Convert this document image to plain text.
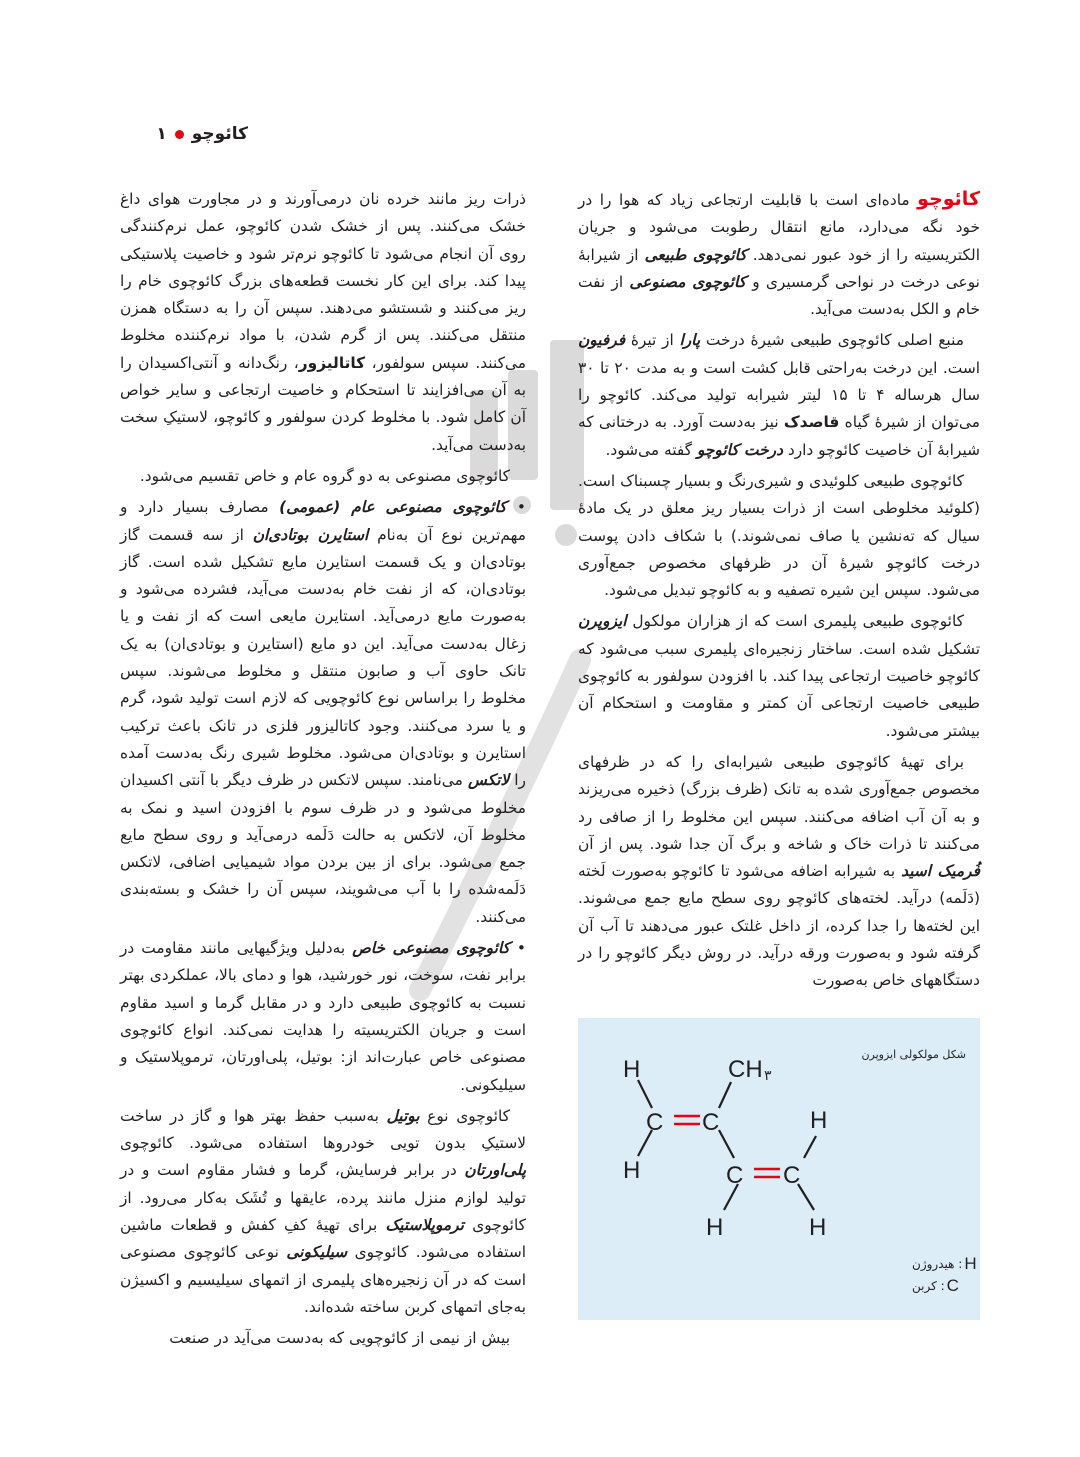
کائوچو
۱

کائوچو ماده‌ای است با قابلیت ارتجاعی زیاد که هوا را در خود نگه می‌دارد، مانع انتقال رطوبت می‌شود و جریان الکتریسیته را از خود عبور نمی‌دهد. کائوچوی طبیعی از شیرابهٔ نوعی درخت در نواحی گرمسیری و کائوچوی مصنوعی از نفت خام و الکل به‌دست می‌آید.

منبع اصلی کائوچوی طبیعی شیرهٔ درخت پارا از تیرهٔ فرفیون است. این درخت به‌راحتی قابل کشت است و به مدت ۲۰ تا ۳۰ سال هرساله ۴ تا ۱۵ لیتر شیرابه تولید می‌کند. کائوچو را می‌توان از شیرهٔ گیاه قاصدک نیز به‌دست آورد. به درختانی که شیرابهٔ آن خاصیت کائوچو دارد درخت کائوچو گفته می‌شود.

کائوچوی طبیعی کلوئیدی و شیری‌رنگ و بسیار چسبناک است. (کلوئید مخلوطی است از ذرات بسیار ریز معلق در یک مادهٔ سیال که ته‌نشین یا صاف نمی‌شوند.) با شکاف دادن پوست درخت کائوچو شیرهٔ آن در ظرفهای مخصوص جمع‌آوری می‌شود. سپس این شیره تصفیه و به کائوچو تبدیل می‌شود.

کائوچوی طبیعی پلیمری است که از هزاران مولکول ایزوپرن تشکیل شده است. ساختار زنجیره‌ای پلیمری سبب می‌شود که کائوچو خاصیت ارتجاعی پیدا کند. با افزودن سولفور به کائوچوی طبیعی خاصیت ارتجاعی آن کمتر و مقاومت و استحکام آن بیشتر می‌شود.

برای تهیهٔ کائوچوی طبیعی شیرابه‌ای را که در ظرفهای مخصوص جمع‌آوری شده به تانک (ظرف بزرگ) ذخیره می‌ریزند و به آن آب اضافه می‌کنند. سپس این مخلوط را از صافی رد می‌کنند تا ذرات خاک و شاخه و برگ آن جدا شود. پس از آن فُرمیک اسید به شیرابه اضافه می‌شود تا کائوچو به‌صورت لَخته (دَلَمه) درآید. لخته‌های کائوچو روی سطح مایع جمع می‌شوند. این لخته‌ها را جدا کرده، از داخل غلتک عبور می‌دهند تا آب آن گرفته شود و به‌صورت ورقه درآید. در روش دیگر کائوچو را در دستگاههای خاص به‌صورت

ذرات ریز مانند خرده نان درمی‌آورند و در مجاورت هوای داغ خشک می‌کنند. پس از خشک شدن کائوچو، عمل نرم‌کنندگی روی آن انجام می‌شود تا کائوچو نرم‌تر شود و خاصیت پلاستیکی پیدا کند. برای این کار نخست قطعه‌های بزرگ کائوچوی خام را ریز می‌کنند و شستشو می‌دهند. سپس آن را به دستگاه همزن منتقل می‌کنند. پس از گرم شدن، با مواد نرم‌کننده مخلوط می‌کنند. سپس سولفور، کاتالیزور، رنگ‌دانه و آنتی‌اکسیدان را به آن می‌افزایند تا استحکام و خاصیت ارتجاعی و سایر خواص آن کامل شود. با مخلوط کردن سولفور و کائوچو، لاستیکِ سخت به‌دست می‌آید.

کائوچوی مصنوعی به دو گروه عام و خاص تقسیم می‌شود.

• کائوچوی مصنوعی عام (عمومی) مصارف بسیار دارد و مهم‌ترین نوع آن به‌نام استایرن بوتادی‌ان از سه قسمت گاز بوتادی‌ان و یک قسمت استایرن مایع تشکیل شده است. گاز بوتادی‌ان، که از نفت خام به‌دست می‌آید، فشرده می‌شود و به‌صورت مایع درمی‌آید. استایرن مایعی است که از نفت و یا زغال به‌دست می‌آید. این دو مایع (استایرن و بوتادی‌ان) به یک تانک حاوی آب و صابون منتقل و مخلوط می‌شوند. سپس مخلوط را براساس نوع کائوچویی که لازم است تولید شود، گرم و یا سرد می‌کنند. وجود کاتالیزور فلزی در تانک باعث ترکیب استایرن و بوتادی‌ان می‌شود. مخلوط شیری رنگ به‌دست آمده را لاتکس می‌نامند. سپس لاتکس در ظرف دیگر با آنتی اکسیدان مخلوط می‌شود و در ظرف سوم با افزودن اسید و نمک به مخلوط آن، لاتکس به حالت دَلَمه درمی‌آید و روی سطح مایع جمع می‌شود. برای از بین بردن مواد شیمیایی اضافی، لاتکس دَلَمه‌شده را با آب می‌شویند، سپس آن را خشک و بسته‌بندی می‌کنند.

• کائوچوی مصنوعی خاص به‌دلیل ویژگیهایی مانند مقاومت در برابر نفت، سوخت، نور خورشید، هوا و دمای بالا، عملکردی بهتر نسبت به کائوچوی طبیعی دارد و در مقابل گرما و اسید مقاوم است و جریان الکتریسیته را هدایت نمی‌کند. انواع کائوچوی مصنوعی خاص عبارت‌اند از: بوتیل، پلی‌اورتان، ترموپلاستیک و سیلیکونی.

کائوچوی نوع بوتیل به‌سبب حفظ بهتر هوا و گاز در ساخت لاستیکِ بدون تویی خودروها استفاده می‌شود. کائوچوی پلی‌اورتان در برابر فرسایش، گرما و فشار مقاوم است و در تولید لوازم منزل مانند پرده، عایقها و تُشَک به‌کار می‌رود. از کائوچوی ترموپلاستیک برای تهیهٔ کفِ کفش و قطعات ماشین استفاده می‌شود. کائوچوی سیلیکونی نوعی کائوچوی مصنوعی است که در آن زنجیره‌های پلیمری از اتمهای سیلیسیم و اکسیژن به‌جای اتمهای کربن ساخته شده‌اند.

بیش از نیمی از کائوچویی که به‌دست می‌آید در صنعت

H
C
H
CH ۳
C
C C
H
H	H
شکل مولکولی ایزوپرن
H
: هیدروژن
C
: کربن
